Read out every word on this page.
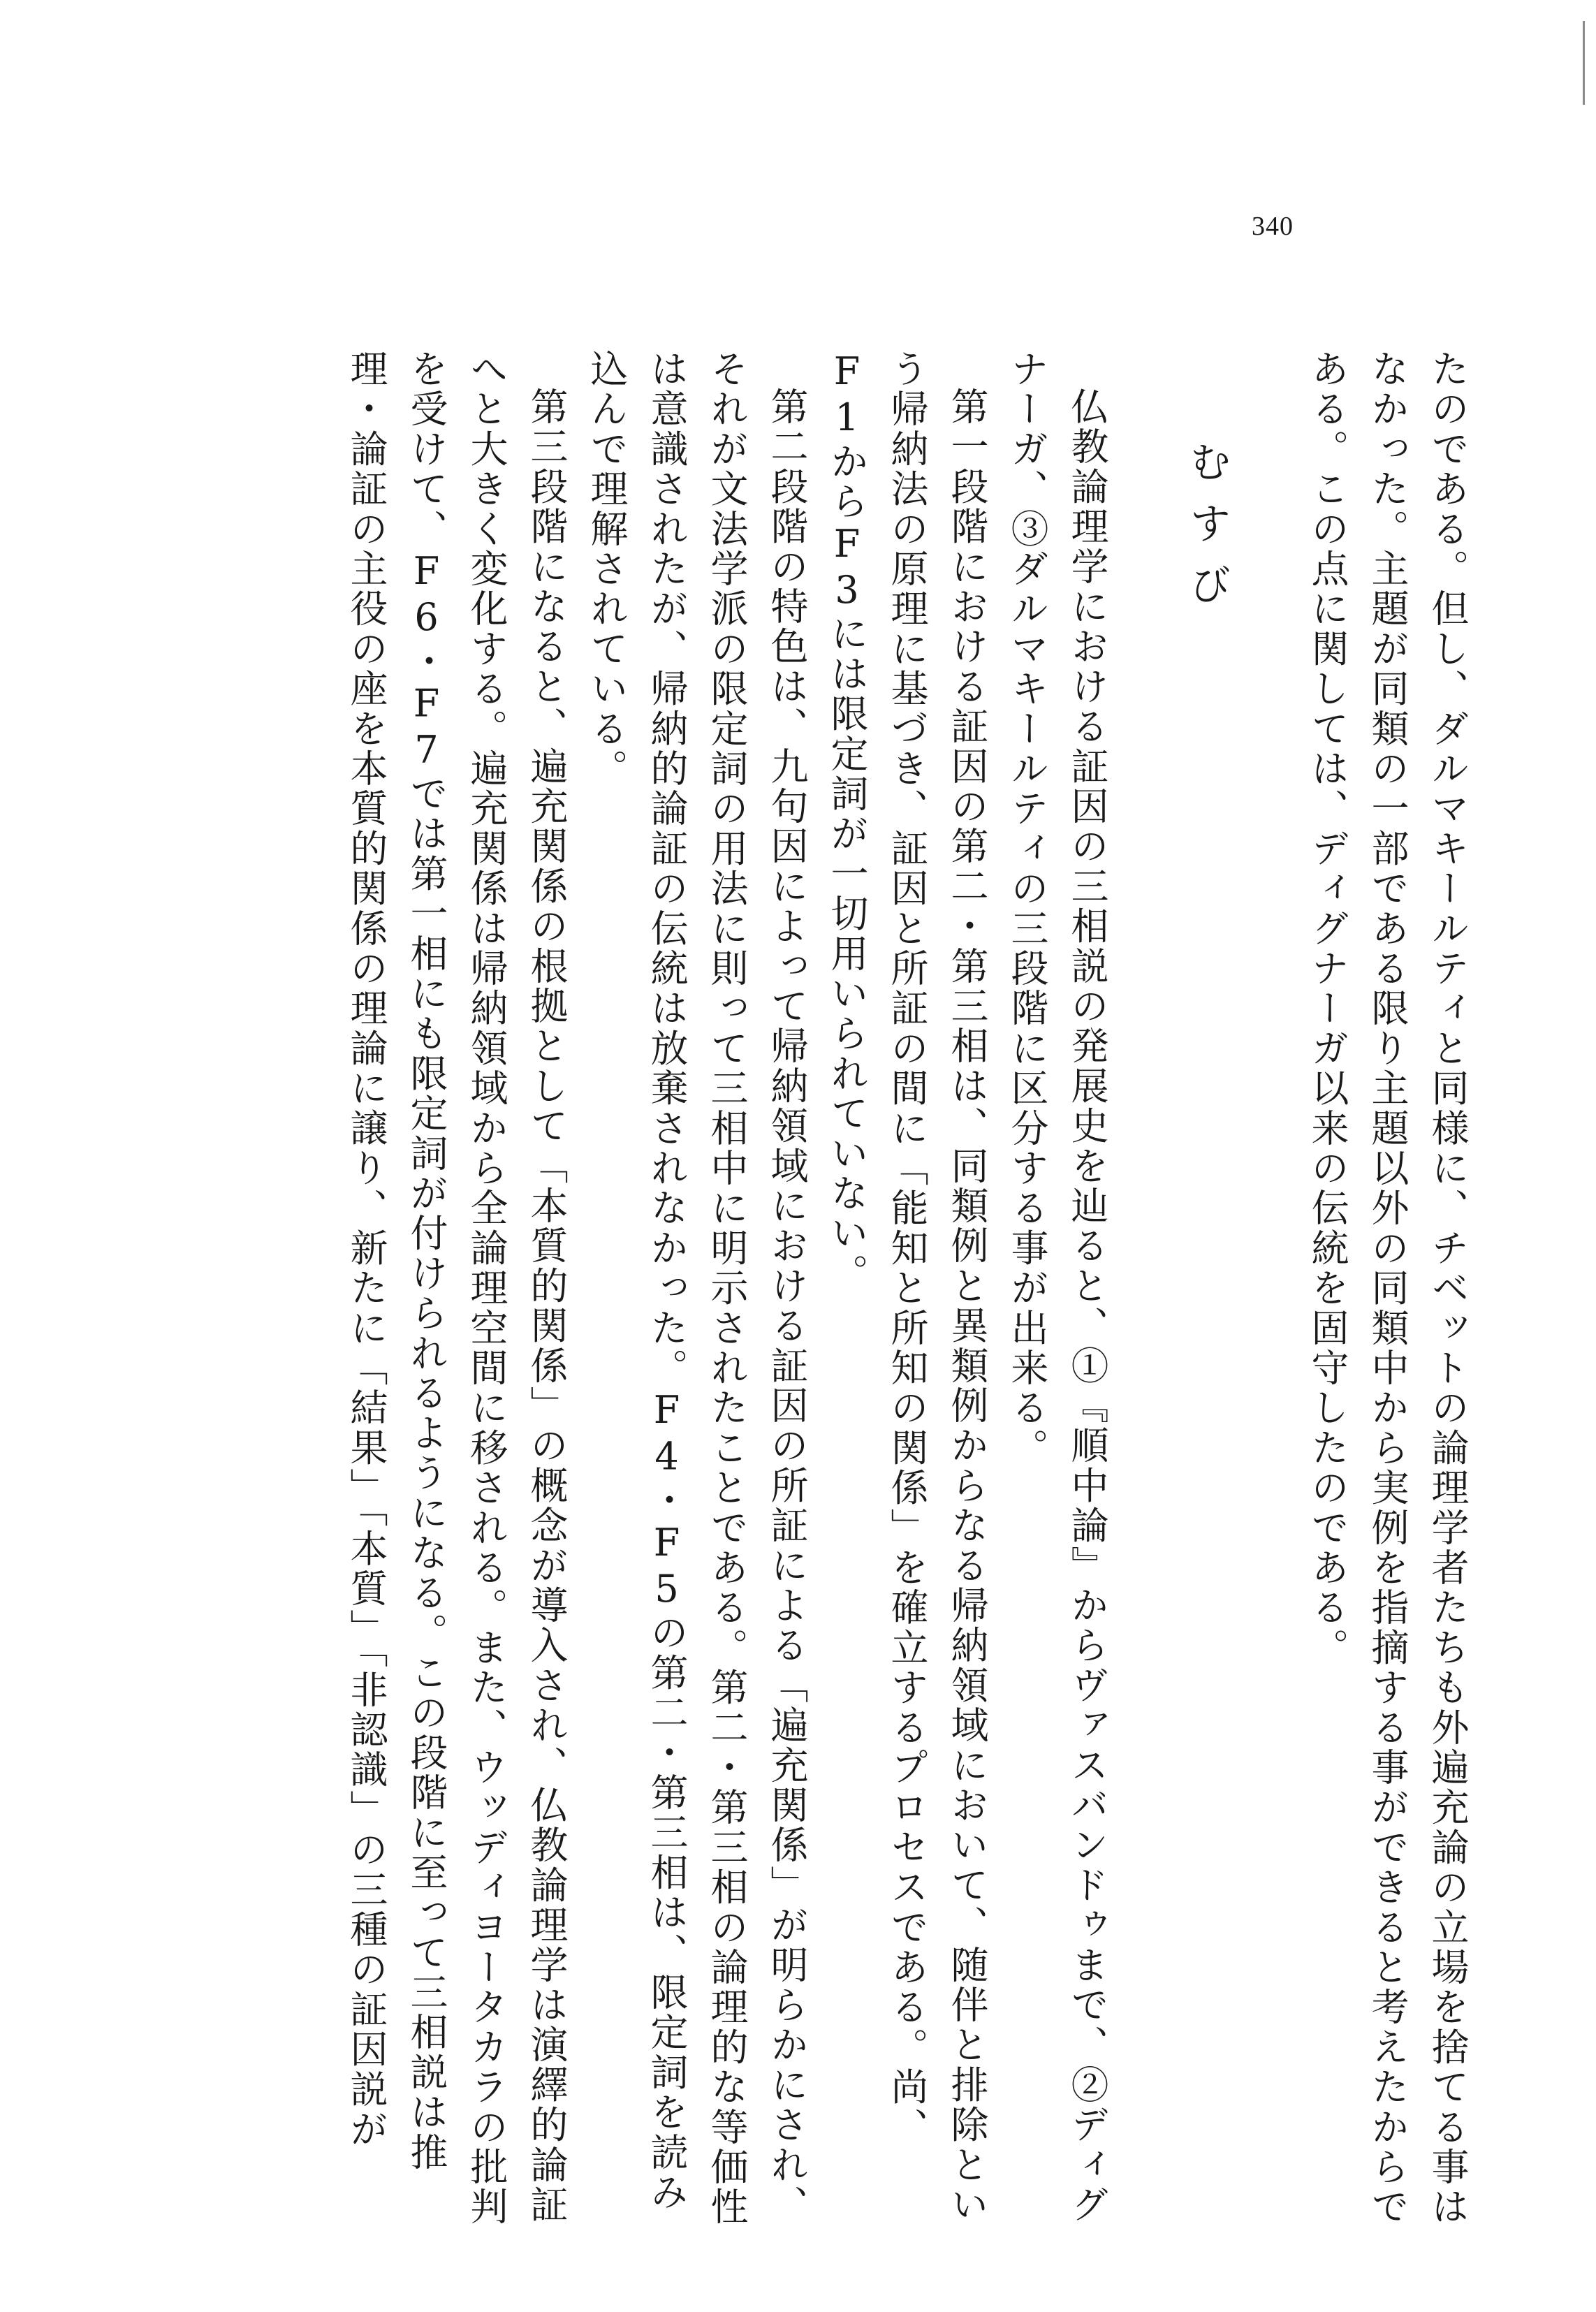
340

たのである。但し、ダルマキールティと同様に、チベットの論理学者たちも外遍充論の立場を捨てる事はなかった。主題が同類の一部である限り主題以外の同類中から実例を指摘する事ができると考えたからである。この点に関しては、ディグナーガ以来の伝統を固守したのである。

むすび

仏教論理学における証因の三相説の発展史を辿ると、①『順中論』からヴァスバンドゥまで、②ディグナーガ、③ダルマキールティの三段階に区分する事が出来る。

第一段階における証因の第二・第三相は、同類例と異類例からなる帰納領域において、随伴と排除という帰納法の原理に基づき、証因と所証の間に「能知と所知の関係」を確立するプロセスである。尚、F1からF3には限定詞が一切用いられていない。

第二段階の特色は、九句因によって帰納領域における証因の所証による「遍充関係」が明らかにされ、それが文法学派の限定詞の用法に則って三相中に明示されたことである。第二・第三相の論理的な等価性は意識されたが、帰納的論証の伝統は放棄されなかった。F4・F5の第二・第三相は、限定詞を読み込んで理解されている。

第三段階になると、遍充関係の根拠として「本質的関係」の概念が導入され、仏教論理学は演繹的論証へと大きく変化する。遍充関係は帰納領域から全論理空間に移される。また、ウッディヨータカラの批判を受けて、F6・F7では第一相にも限定詞が付けられるようになる。この段階に至って三相説は推理・論証の主役の座を本質的関係の理論に譲り、新たに「結果」「本質」「非認識」の三種の証因説が
